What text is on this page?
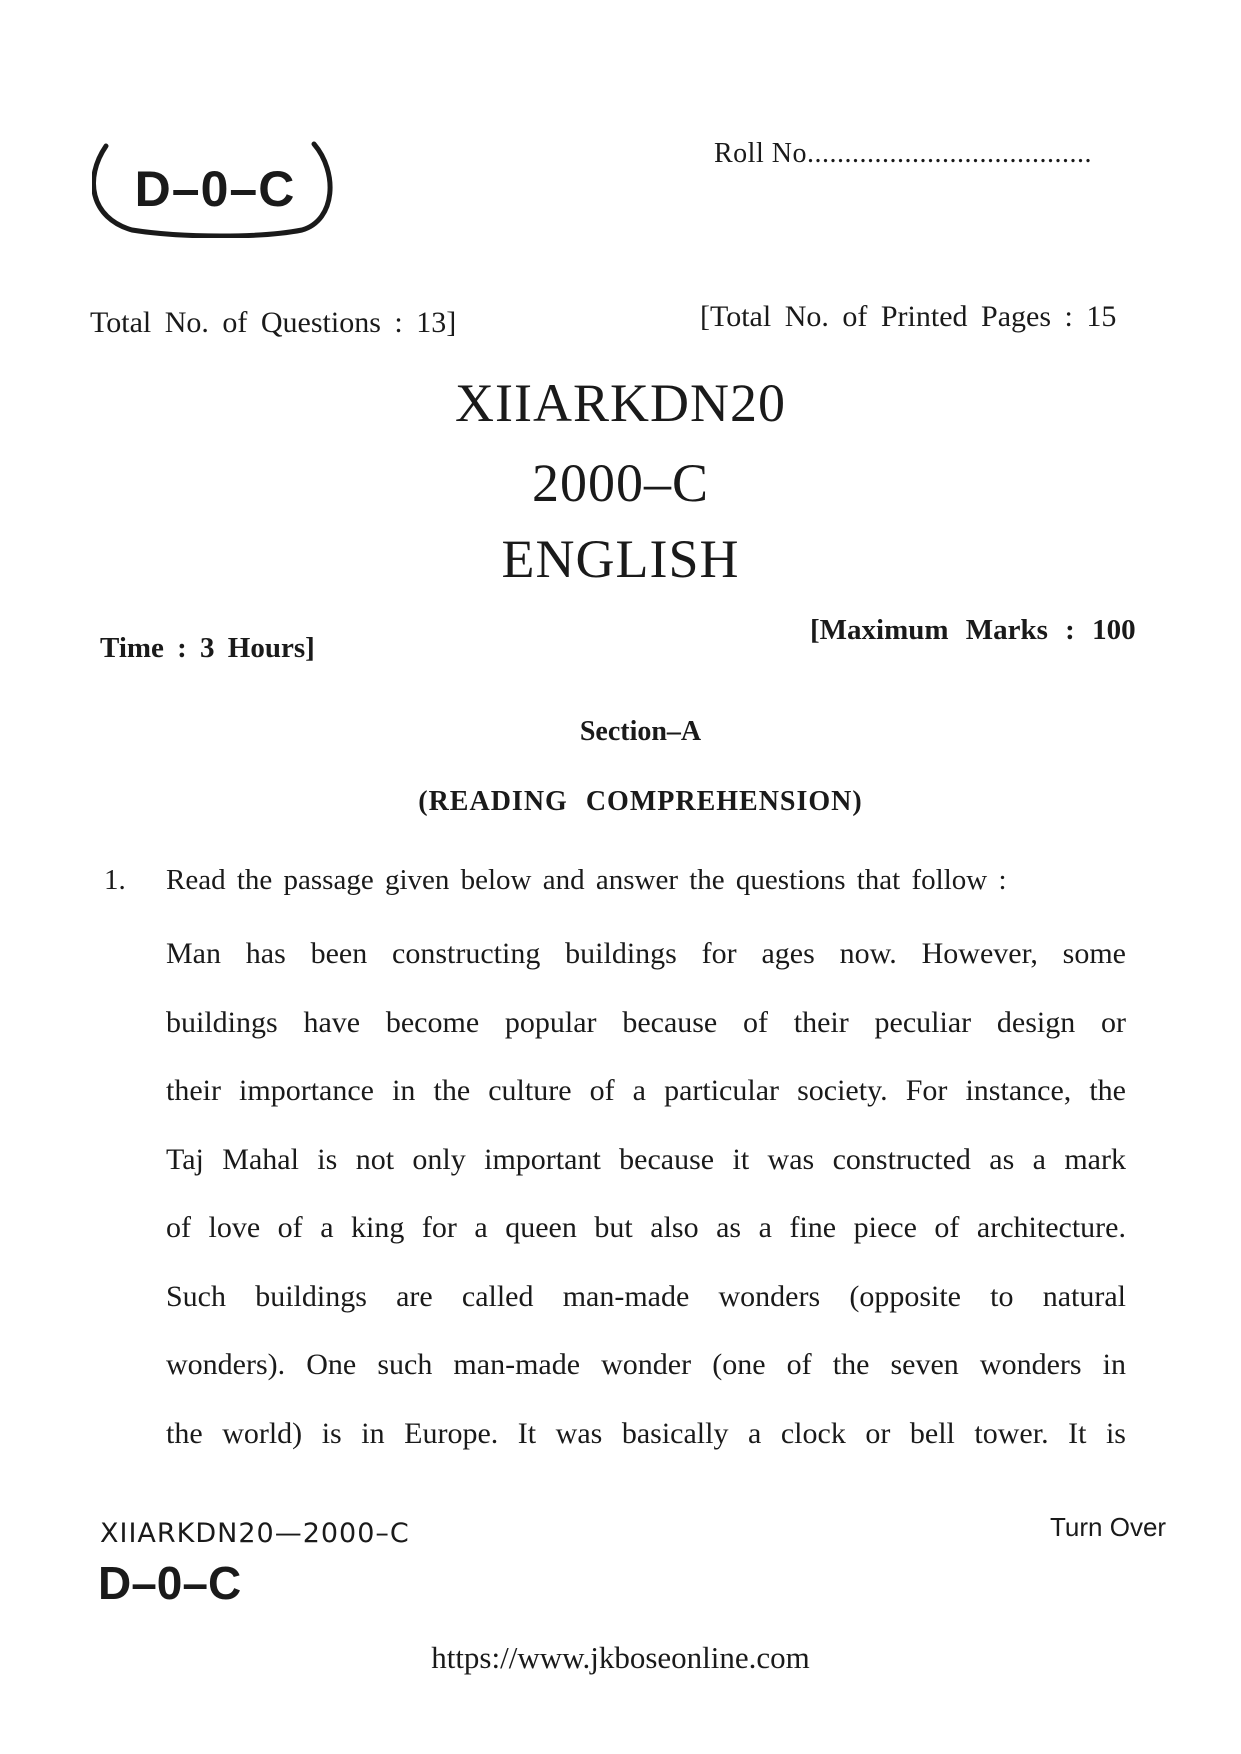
D–0–C
Roll No......................................
Total No. of Questions : 13]	[Total No. of Printed Pages : 15
XIIARKDN20
2000–C
ENGLISH
Time : 3 Hours]
[Maximum Marks : 100
Section–A
(READING COMPREHENSION)
1. Read the passage given below and answer the questions that follow :
Man has been constructing buildings for ages now. However, some
buildings have become popular because of their peculiar design or
their importance in the culture of a particular society. For instance, the
Taj Mahal is not only important because it was constructed as a mark
of love of a king for a queen but also as a fine piece of architecture.
Such buildings are called man-made wonders (opposite to natural
wonders). One such man-made wonder (one of the seven wonders in
the world) is in Europe. It was basically a clock or bell tower. It is
XIIARKDN20—2000–C	Turn Over
D–0–C
https://www.jkboseonline.com
